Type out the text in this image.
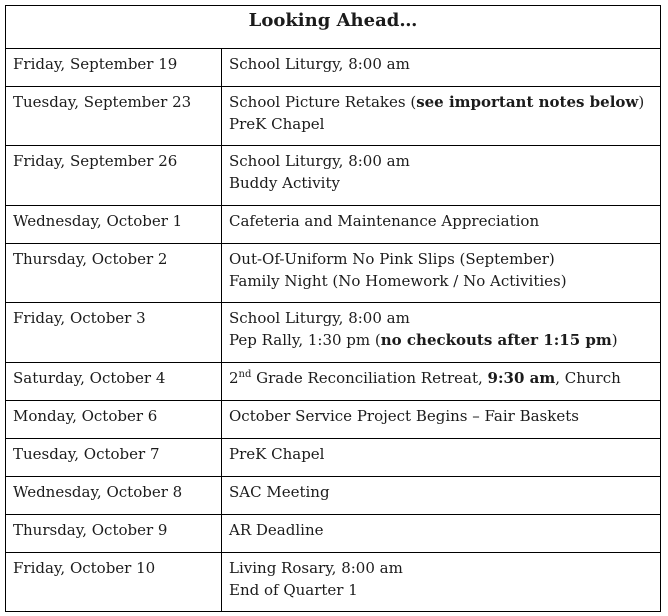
Looking Ahead…	
Friday, September 19	School Liturgy, 8:00 am

Tuesday, September 23	School Picture Retakes (see important notes below)
PreK Chapel

Friday, September 26	School Liturgy, 8:00 am
Buddy Activity

Wednesday, October 1	Cafeteria and Maintenance Appreciation

Thursday, October 2	Out-Of-Uniform No Pink Slips (September)
Family Night (No Homework / No Activities)

Friday, October 3	School Liturgy, 8:00 am
Pep Rally, 1:30 pm (no checkouts after 1:15 pm)

Saturday, October 4	2nd Grade Reconciliation Retreat, 9:30 am, Church

Monday, October 6	October Service Project Begins – Fair Baskets

Tuesday, October 7	PreK Chapel

Wednesday, October 8	SAC Meeting

Thursday, October 9	AR Deadline

Friday, October 10	Living Rosary, 8:00 am
End of Quarter 1
